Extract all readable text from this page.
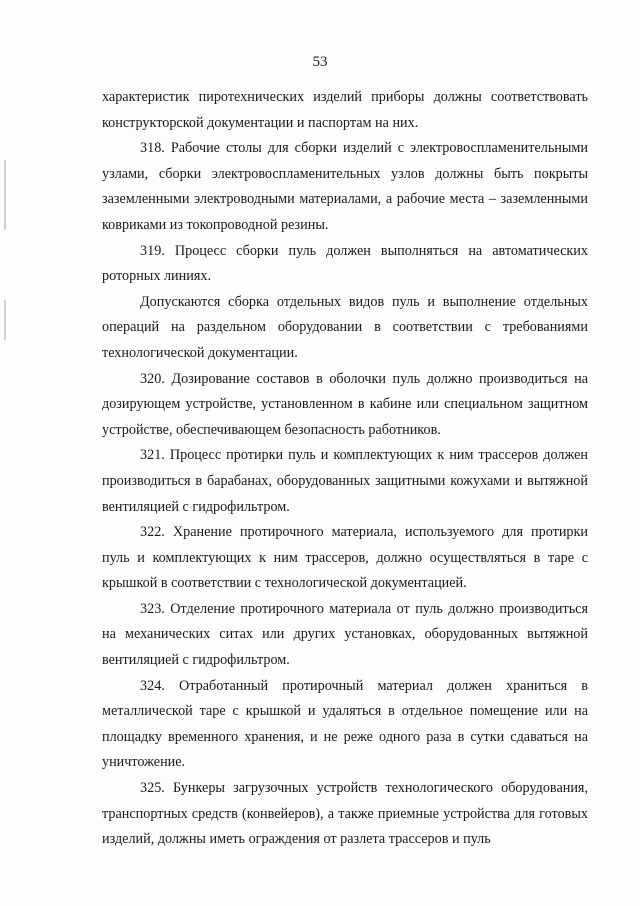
53

характеристик пиротехнических изделий приборы должны соответствовать конструкторской документации и паспортам на них.

318. Рабочие столы для сборки изделий с электровоспламенительными узлами, сборки электровоспламенительных узлов должны быть покрыты заземленными электроводными материалами, а рабочие места – заземленными ковриками из токопроводной резины.

319. Процесс сборки пуль должен выполняться на автоматических роторных линиях.

Допускаются сборка отдельных видов пуль и выполнение отдельных операций на раздельном оборудовании в соответствии с требованиями технологической документации.

320. Дозирование составов в оболочки пуль должно производиться на дозирующем устройстве, установленном в кабине или специальном защитном устройстве, обеспечивающем безопасность работников.

321. Процесс протирки пуль и комплектующих к ним трассеров должен производиться в барабанах, оборудованных защитными кожухами и вытяжной вентиляцией с гидрофильтром.

322. Хранение протирочного материала, используемого для протирки пуль и комплектующих к ним трассеров, должно осуществляться в таре с крышкой в соответствии с технологической документацией.

323. Отделение протирочного материала от пуль должно производиться на механических ситах или других установках, оборудованных вытяжной вентиляцией с гидрофильтром.

324. Отработанный протирочный материал должен храниться в металлической таре с крышкой и удаляться в отдельное помещение или на площадку временного хранения, и не реже одного раза в сутки сдаваться на уничтожение.

325. Бункеры загрузочных устройств технологического оборудования, транспортных средств (конвейеров), а также приемные устройства для готовых изделий, должны иметь ограждения от разлета трассеров и пуль
